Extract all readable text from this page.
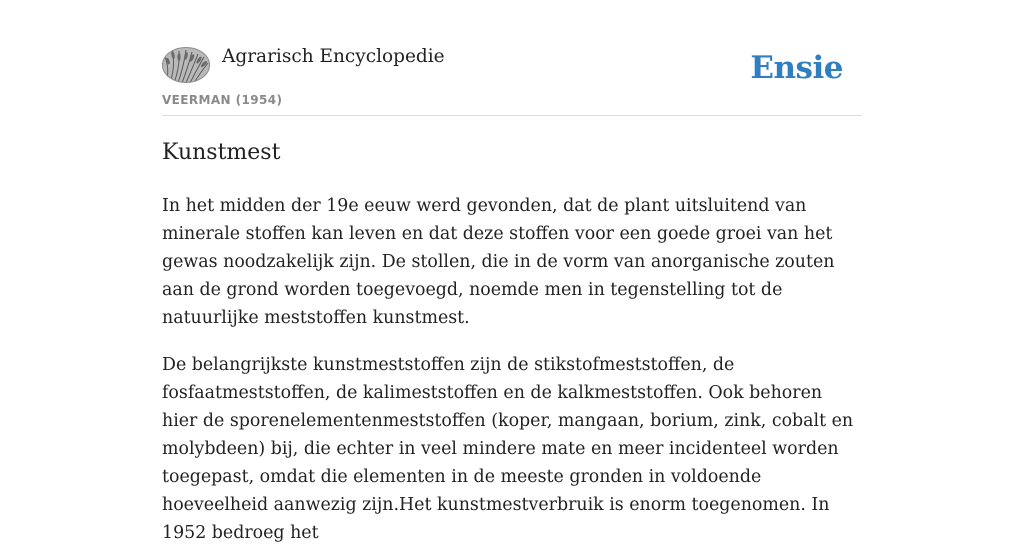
Agrarisch Encyclopedie
VEERMAN (1954)
Ensie
Kunstmest

In het midden der 19e eeuw werd gevonden, dat de plant uitsluitend van minerale stoffen kan leven en dat deze stoffen voor een goede groei van het gewas noodzakelijk zijn. De stollen, die in de vorm van anorganische zouten aan de grond worden toegevoegd, noemde men in tegenstelling tot de natuurlijke meststoffen kunstmest.

De belangrijkste kunstmeststoffen zijn de stikstofmeststoffen, de fosfaatmeststoffen, de kalimeststoffen en de kalkmeststoffen. Ook behoren hier de sporenelementenmeststoffen (koper, mangaan, borium, zink, cobalt en molybdeen) bij, die echter in veel mindere mate en meer incidenteel worden toegepast, omdat die elementen in de meeste gronden in voldoende hoeveelheid aanwezig zijn.Het kunstmestverbruik is enorm toegenomen. In 1952 bedroeg het
